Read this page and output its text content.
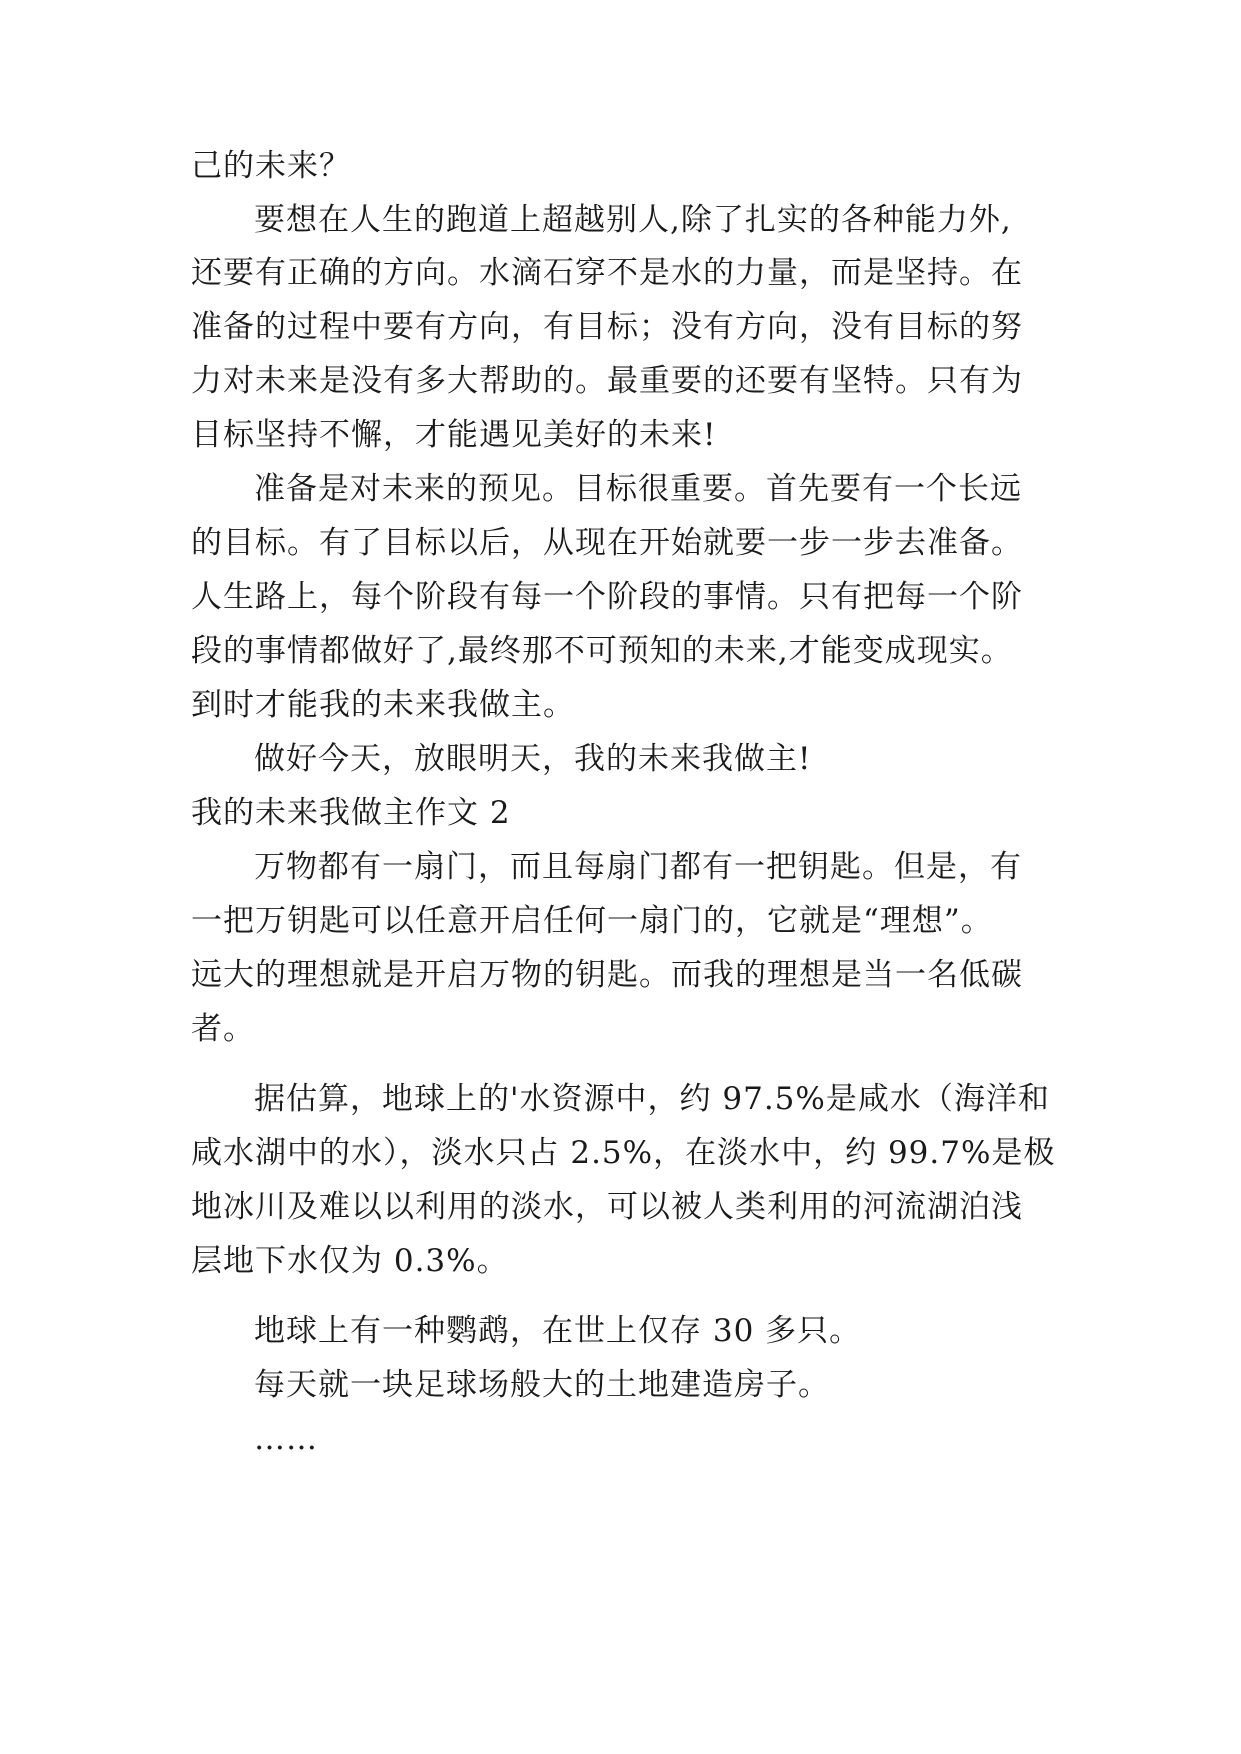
己的未来？
要想在人生的跑道上超越别人,除了扎实的各种能力外,
还要有正确的方向。水滴石穿不是水的力量，而是坚持。在
准备的过程中要有方向，有目标；没有方向，没有目标的努
力对未来是没有多大帮助的。最重要的还要有坚特。只有为
目标坚持不懈，才能遇见美好的未来!
准备是对未来的预见。目标很重要。首先要有一个长远
的目标。有了目标以后，从现在开始就要一步一步去准备。
人生路上，每个阶段有每一个阶段的事情。只有把每一个阶
段的事情都做好了,最终那不可预知的未来,才能变成现实。
到时才能我的未来我做主。
做好今天，放眼明天，我的未来我做主!
我的未来我做主作文 2
万物都有一扇门，而且每扇门都有一把钥匙。但是，有
一把万钥匙可以任意开启任何一扇门的，它就是“理想”。
远大的理想就是开启万物的钥匙。而我的理想是当一名低碳
者。
据估算，地球上的'水资源中，约 97.5%是咸水（海洋和
咸水湖中的水），淡水只占 2.5%，在淡水中，约 99.7%是极
地冰川及难以以利用的淡水，可以被人类利用的河流湖泊浅
层地下水仅为 0.3%。
地球上有一种鹦鹉，在世上仅存 30 多只。
每天就一块足球场般大的土地建造房子。
……
